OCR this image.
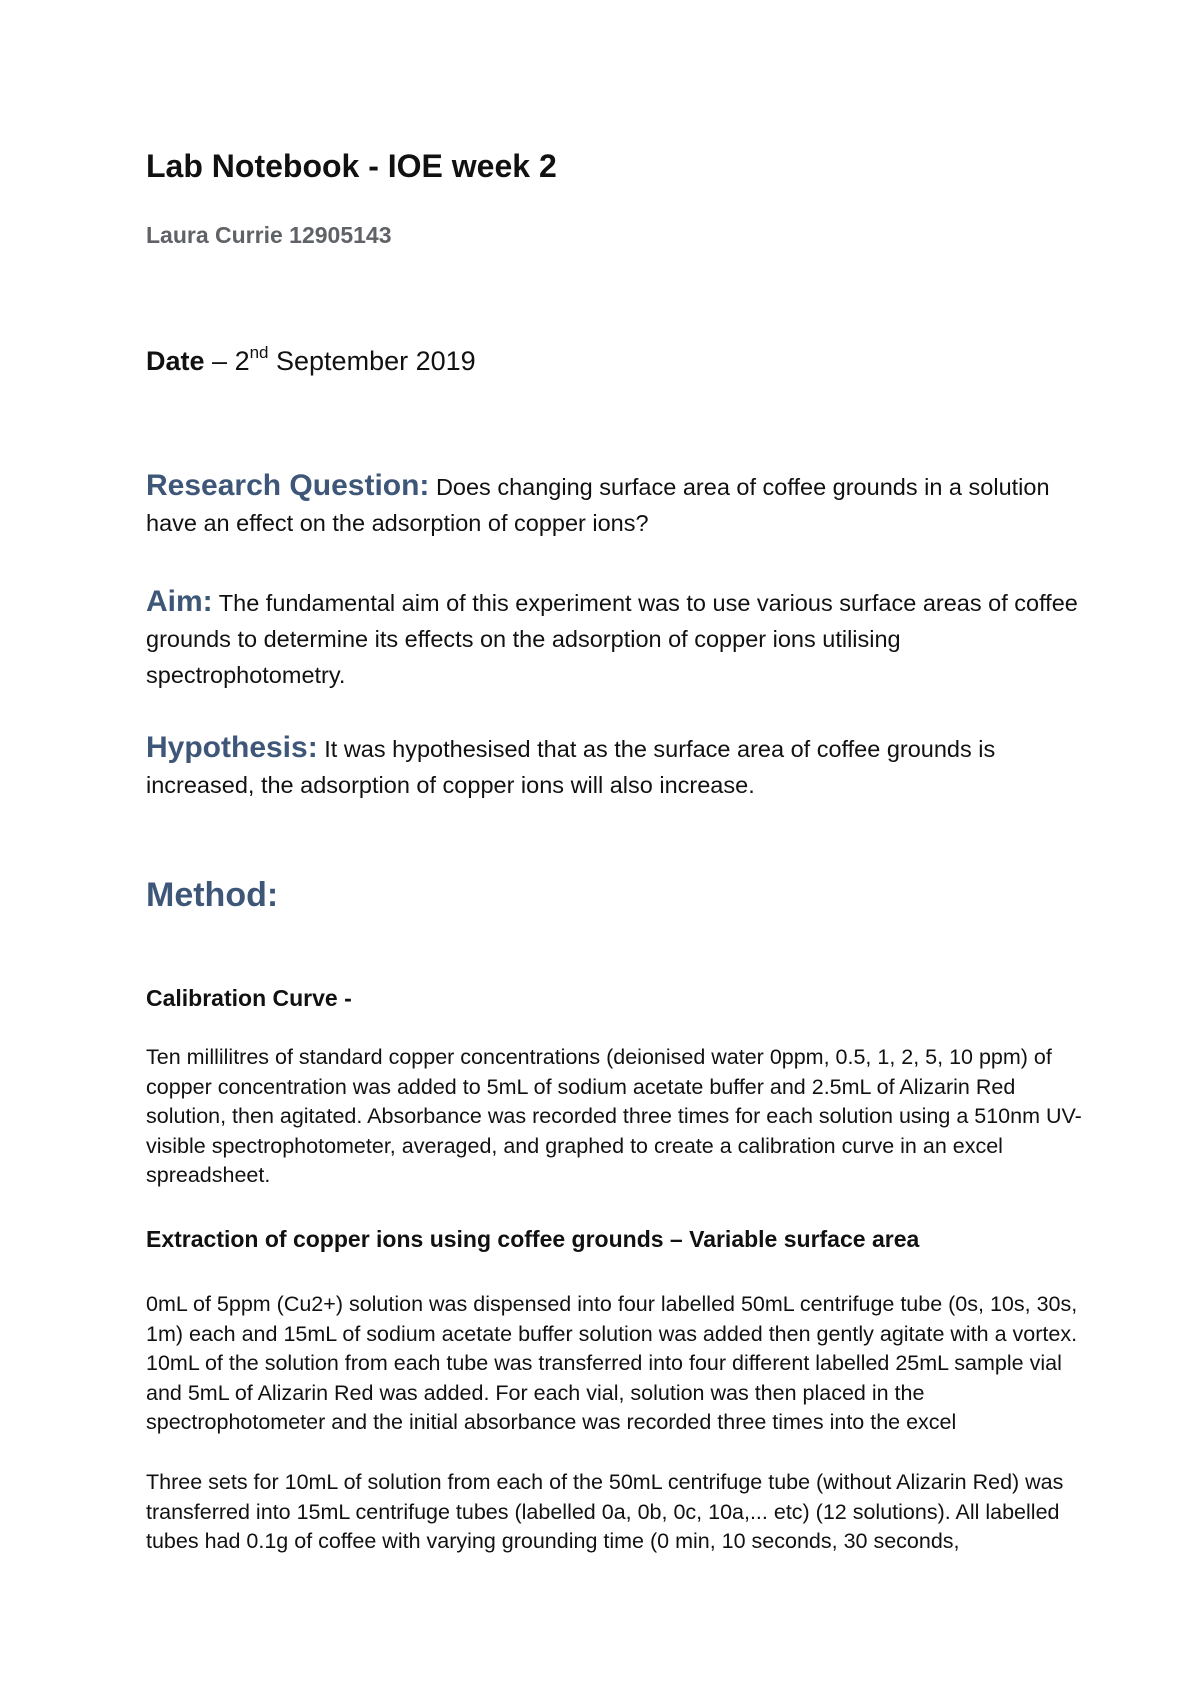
Lab Notebook - IOE week 2
Laura Currie 12905143
Date – 2nd September 2019

Research Question: Does changing surface area of coffee grounds in a solution have an effect on the adsorption of copper ions?

Aim: The fundamental aim of this experiment was to use various surface areas of coffee grounds to determine its effects on the adsorption of copper ions utilising spectrophotometry.

Hypothesis: It was hypothesised that as the surface area of coffee grounds is increased, the adsorption of copper ions will also increase.

Method:
Calibration Curve -

Ten millilitres of standard copper concentrations (deionised water 0ppm, 0.5, 1, 2, 5, 10 ppm) of copper concentration was added to 5mL of sodium acetate buffer and 2.5mL of Alizarin Red solution, then agitated. Absorbance was recorded three times for each solution using a 510nm UV-visible spectrophotometer, averaged, and graphed to create a calibration curve in an excel spreadsheet.

Extraction of copper ions using coffee grounds – Variable surface area

0mL of 5ppm (Cu2+) solution was dispensed into four labelled 50mL centrifuge tube (0s, 10s, 30s, 1m) each and 15mL of sodium acetate buffer solution was added then gently agitate with a vortex. 10mL of the solution from each tube was transferred into four different labelled 25mL sample vial and 5mL of Alizarin Red was added. For each vial, solution was then placed in the spectrophotometer and the initial absorbance was recorded three times into the excel

Three sets for 10mL of solution from each of the 50mL centrifuge tube (without Alizarin Red) was transferred into 15mL centrifuge tubes (labelled 0a, 0b, 0c, 10a,... etc) (12 solutions). All labelled tubes had 0.1g of coffee with varying grounding time (0 min, 10 seconds, 30 seconds,
